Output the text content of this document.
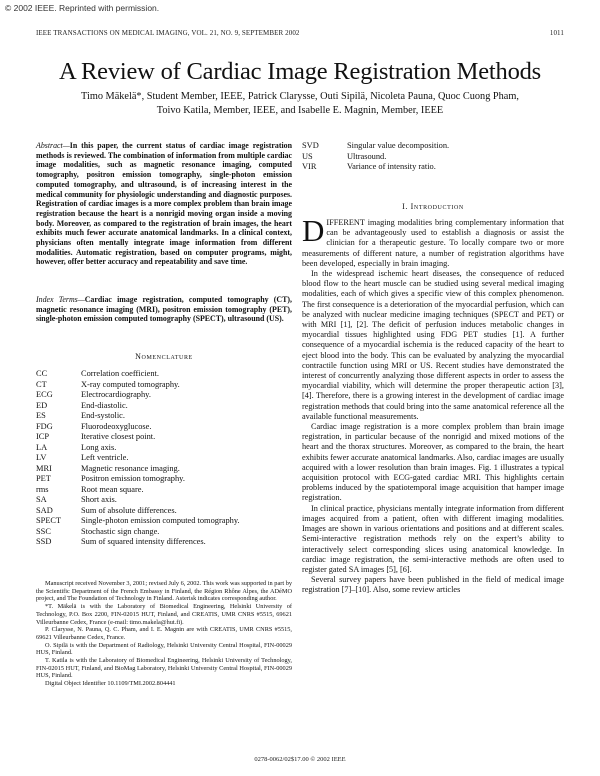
© 2002 IEEE. Reprinted with permission.
IEEE TRANSACTIONS ON MEDICAL IMAGING, VOL. 21, NO. 9, SEPTEMBER 2002	1011
A Review of Cardiac Image Registration Methods
Timo Mäkelä*, Student Member, IEEE, Patrick Clarysse, Outi Sipilä, Nicoleta Pauna, Quoc Cuong Pham,
Toivo Katila, Member, IEEE, and Isabelle E. Magnin, Member, IEEE
Abstract—In this paper, the current status of cardiac image registration methods is reviewed. The combination of information from multiple cardiac image modalities, such as magnetic resonance imaging, computed tomography, positron emission tomography, single-photon emission computed tomography, and ultrasound, is of increasing interest in the medical community for physiologic understanding and diagnostic purposes. Registration of cardiac images is a more complex problem than brain image registration because the heart is a nonrigid moving organ inside a moving body. Moreover, as compared to the registration of brain images, the heart exhibits much fewer accurate anatomical landmarks. In a clinical context, physicians often mentally integrate image information from different modalities. Automatic registration, based on computer programs, might, however, offer better accuracy and repeatability and save time.
Index Terms—Cardiac image registration, computed tomography (CT), magnetic resonance imaging (MRI), positron emission tomography (PET), single-photon emission computed tomography (SPECT), ultrasound (US).
Nomenclature
CC	Correlation coefficient.
CT	X-ray computed tomography.
ECG	Electrocardiography.
ED	End-diastolic.
ES	End-systolic.
FDG	Fluorodeoxyglucose.
ICP	Iterative closest point.
LA	Long axis.
LV	Left ventricle.
MRI	Magnetic resonance imaging.
PET	Positron emission tomography.
rms	Root mean square.
SA	Short axis.
SAD	Sum of absolute differences.
SPECT	Single-photon emission computed tomography.
SSC	Stochastic sign change.
SSD	Sum of squared intensity differences.
SVD	Singular value decomposition.
US	Ultrasound.
VIR	Variance of intensity ratio.

Manuscript received November 3, 2001; revised July 6, 2002. This work was supported in part by the Scientific Department of the French Embassy in Finland, the Région Rhône Alpes, the ADéMO project, and The Foundation of Technology in Finland. Asterisk indicates corresponding author.

*T. Mäkelä is with the Laboratory of Biomedical Engineering, Helsinki University of Technology, P.O. Box 2200, FIN-02015 HUT, Finland, and CREATIS, UMR CNRS #5515, 69621 Villeurbanne Cedex, France (e-mail: timo.makela@hut.fi).

P. Clarysse, N. Pauna, Q. C. Pham, and I. E. Magnin are with CREATIS, UMR CNRS #5515, 69621 Villeurbanne Cedex, France.

O. Sipilä is with the Department of Radiology, Helsinki University Central Hospital, FIN-00029 HUS, Finland.

T. Katila is with the Laboratory of Biomedical Engineering, Helsinki University of Technology, FIN-02015 HUT, Finland, and BioMag Laboratory, Helsinki University Central Hospital, FIN-00029 HUS, Finland.

Digital Object Identifier 10.1109/TMI.2002.804441

I. Introduction

DIFFERENT imaging modalities bring complementary information that can be advantageously used to establish a diagnosis or assist the clinician for a therapeutic gesture. To locally compare two or more measurements of different nature, a number of registration algorithms have been developed, especially in brain imaging.

In the widespread ischemic heart diseases, the consequence of reduced blood flow to the heart muscle can be studied using several medical imaging modalities, each of which gives a specific view of this complex phenomenon. The first consequence is a deterioration of the myocardial perfusion, which can be analyzed with nuclear medicine imaging techniques (SPECT and PET) or with MRI [1], [2]. The deficit of perfusion induces metabolic changes in myocardial tissues highlighted using FDG PET studies [1]. A further consequence of a myocardial ischemia is the reduced capacity of the heart to eject blood into the body. This can be evaluated by analyzing the myocardial contractile function using MRI or US. Recent studies have demonstrated the interest of concurrently analyzing those different aspects in order to assess the myocardial viability, which will determine the proper therapeutic action [3], [4]. Therefore, there is a growing interest in the development of cardiac image registration methods that could bring into the same anatomical reference all the available functional measurements.

Cardiac image registration is a more complex problem than brain image registration, in particular because of the nonrigid and mixed motions of the heart and the thorax structures. Moreover, as compared to the brain, the heart exhibits fewer accurate anatomical landmarks. Also, cardiac images are usually acquired with a lower resolution than brain images. Fig. 1 illustrates a typical acquisition protocol with ECG-gated cardiac MRI. This highlights certain problems induced by the spatiotemporal image acquisition that hamper image registration.

In clinical practice, physicians mentally integrate information from different images acquired from a patient, often with different imaging modalities. Images are shown in various orientations and positions and at different scales. Semi-interactive registration methods rely on the expert’s ability to interactively select corresponding slices using anatomical knowledge. In cardiac image registration, the semi-interactive methods are often used to register gated SA images [5], [6].

Several survey papers have been published in the field of medical image registration [7]–[10]. Also, some review articles

0278-0062/02$17.00 © 2002 IEEE
